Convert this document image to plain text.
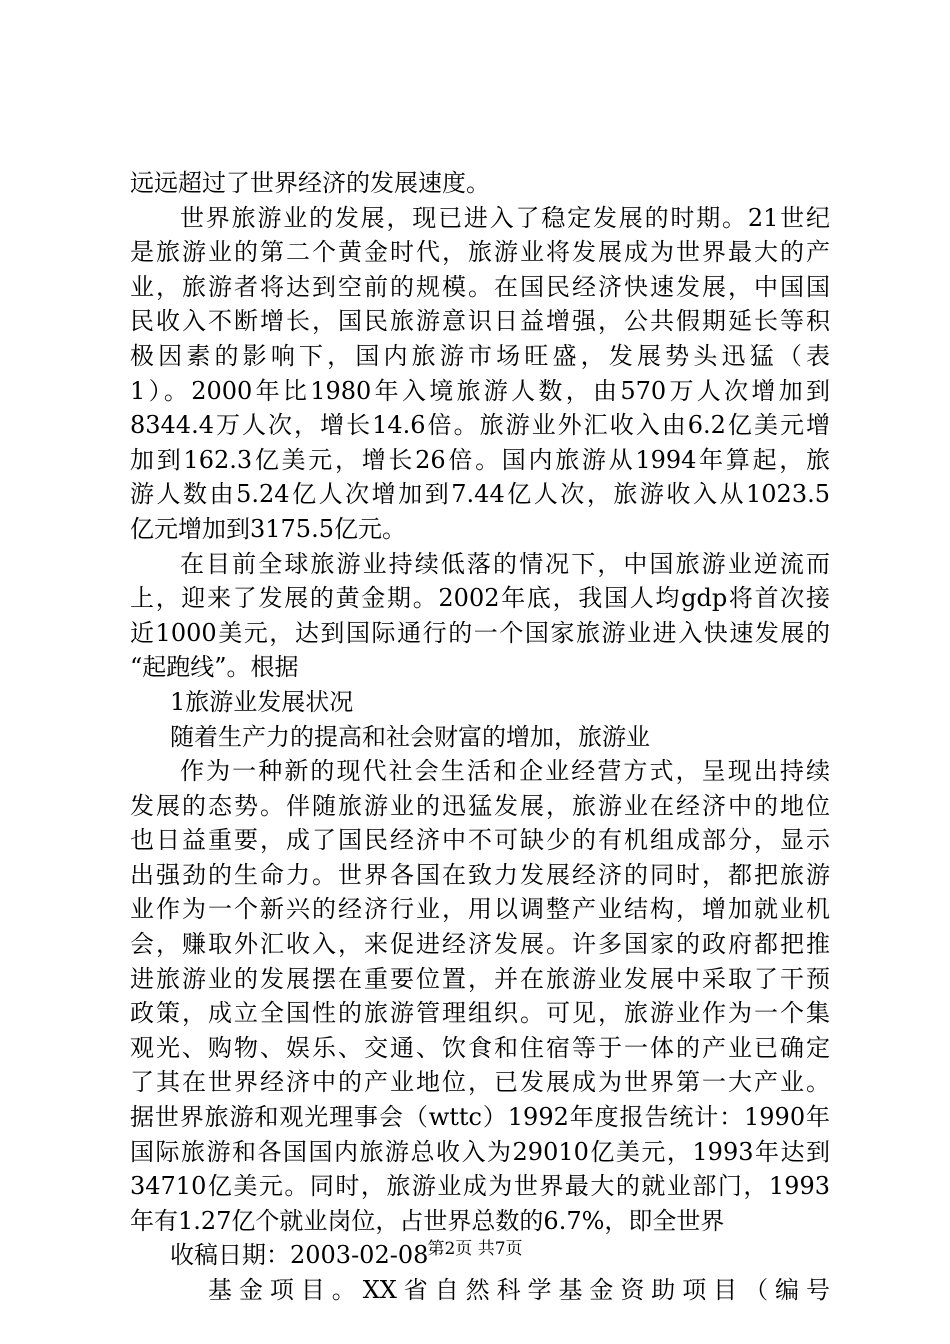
远远超过了世界经济的发展速度。
世界旅游业的发展，现已进入了稳定发展的时期。21世纪
是旅游业的第二个黄金时代，旅游业将发展成为世界最大的产
业，旅游者将达到空前的规模。在国民经济快速发展，中国国
民收入不断增长，国民旅游意识日益增强，公共假期延长等积
极因素的影响下，国内旅游市场旺盛，发展势头迅猛（表
1）。2000年比1980年入境旅游人数，由570万人次增加到
8344.4万人次，增长14.6倍。旅游业外汇收入由6.2亿美元增
加到162.3亿美元，增长26倍。国内旅游从1994年算起，旅
游人数由5.24亿人次增加到7.44亿人次，旅游收入从1023.5
亿元增加到3175.5亿元。
在目前全球旅游业持续低落的情况下，中国旅游业逆流而
上，迎来了发展的黄金期。2002年底，我国人均gdp将首次接
近1000美元，达到国际通行的一个国家旅游业进入快速发展的
“起跑线”。根据
1旅游业发展状况
随着生产力的提高和社会财富的增加，旅游业
作为一种新的现代社会生活和企业经营方式，呈现出持续
发展的态势。伴随旅游业的迅猛发展，旅游业在经济中的地位
也日益重要，成了国民经济中不可缺少的有机组成部分，显示
出强劲的生命力。世界各国在致力发展经济的同时，都把旅游
业作为一个新兴的经济行业，用以调整产业结构，增加就业机
会，赚取外汇收入，来促进经济发展。许多国家的政府都把推
进旅游业的发展摆在重要位置，并在旅游业发展中采取了干预
政策，成立全国性的旅游管理组织。可见，旅游业作为一个集
观光、购物、娱乐、交通、饮食和住宿等于一体的产业已确定
了其在世界经济中的产业地位，已发展成为世界第一大产业。
据世界旅游和观光理事会（wttc）1992年度报告统计：1990年
国际旅游和各国国内旅游总收入为29010亿美元，1993年达到
34710亿美元。同时，旅游业成为世界最大的就业部门，1993
年有1.27亿个就业岗位，占世界总数的6.7%，即全世界
收稿日期：2003-02-08
基金项目。XX省自然科学基金资助项目（编号
第2页 共7页
